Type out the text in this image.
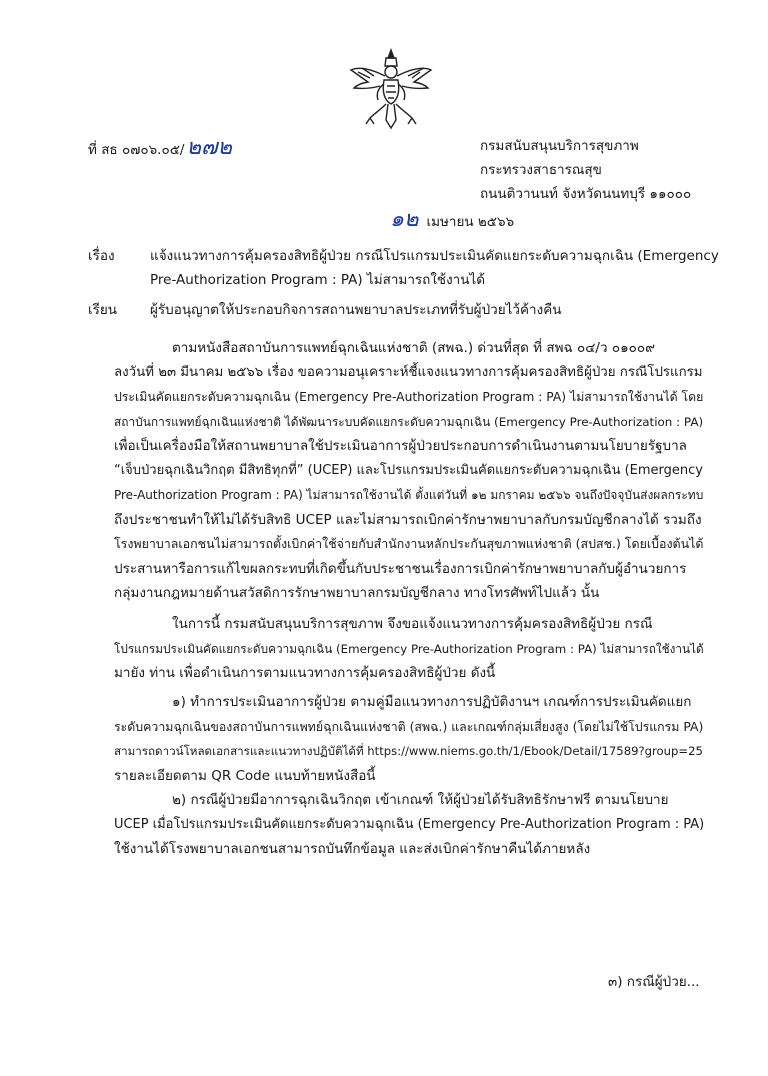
ที่ สธ ๐๗๐๖.๐๕/๒๗๒	กรมสนับสนุนบริการสุขภาพ
กระทรวงสาธารณสุข
ถนนติวานนท์ จังหวัดนนทบุรี ๑๑๐๐๐
๑๒ เมษายน ๒๕๖๖
เรื่อง	แจ้งแนวทางการคุ้มครองสิทธิผู้ป่วย กรณีโปรแกรมประเมินคัดแยกระดับความฉุกเฉิน (Emergency
Pre-Authorization Program : PA) ไม่สามารถใช้งานได้
เรียน ผู้รับอนุญาตให้ประกอบกิจการสถานพยาบาลประเภทที่รับผู้ป่วยไว้ค้างคืน
ตามหนังสือสถาบันการแพทย์ฉุกเฉินแห่งชาติ (สพฉ.) ด่วนที่สุด ที่ สพฉ ๐๔/ว ๐๑๐๐๙
ลงวันที่ ๒๓ มีนาคม ๒๕๖๖ เรื่อง ขอความอนุเคราะห์ชี้แจงแนวทางการคุ้มครองสิทธิผู้ป่วย กรณีโปรแกรม
ประเมินคัดแยกระดับความฉุกเฉิน (Emergency Pre-Authorization Program : PA) ไม่สามารถใช้งานได้ โดย
สถาบันการแพทย์ฉุกเฉินแห่งชาติ ได้พัฒนาระบบคัดแยกระดับความฉุกเฉิน (Emergency Pre-Authorization : PA)
เพื่อเป็นเครื่องมือให้สถานพยาบาลใช้ประเมินอาการผู้ป่วยประกอบการดำเนินงานตามนโยบายรัฐบาล
“เจ็บป่วยฉุกเฉินวิกฤต มีสิทธิทุกที่” (UCEP) และโปรแกรมประเมินคัดแยกระดับความฉุกเฉิน (Emergency
Pre-Authorization Program : PA) ไม่สามารถใช้งานได้ ตั้งแต่วันที่ ๑๒ มกราคม ๒๕๖๖ จนถึงปัจจุบันส่งผลกระทบ
ถึงประชาชนทำให้ไม่ได้รับสิทธิ UCEP และไม่สามารถเบิกค่ารักษาพยาบาลกับกรมบัญชีกลางได้ รวมถึง
โรงพยาบาลเอกชนไม่สามารถตั้งเบิกค่าใช้จ่ายกับสำนักงานหลักประกันสุขภาพแห่งชาติ (สปสช.) โดยเบื้องต้นได้
ประสานหารือการแก้ไขผลกระทบที่เกิดขึ้นกับประชาชนเรื่องการเบิกค่ารักษาพยาบาลกับผู้อำนวยการ
กลุ่มงานกฎหมายด้านสวัสดิการรักษาพยาบาลกรมบัญชีกลาง ทางโทรศัพท์ไปแล้ว นั้น
ในการนี้ กรมสนับสนุนบริการสุขภาพ จึงขอแจ้งแนวทางการคุ้มครองสิทธิผู้ป่วย กรณี
โปรแกรมประเมินคัดแยกระดับความฉุกเฉิน (Emergency Pre-Authorization Program : PA) ไม่สามารถใช้งานได้
มายัง ท่าน เพื่อดำเนินการตามแนวทางการคุ้มครองสิทธิผู้ป่วย ดังนี้
๑) ทำการประเมินอาการผู้ป่วย ตามคู่มือแนวทางการปฏิบัติงานฯ เกณฑ์การประเมินคัดแยก
ระดับความฉุกเฉินของสถาบันการแพทย์ฉุกเฉินแห่งชาติ (สพฉ.) และเกณฑ์กลุ่มเสี่ยงสูง (โดยไม่ใช้โปรแกรม PA)
สามารถดาวน์โหลดเอกสารและแนวทางปฏิบัติได้ที่ https://www.niems.go.th/1/Ebook/Detail/17589?group=25
รายละเอียดตาม QR Code แนบท้ายหนังสือนี้
๒) กรณีผู้ป่วยมีอาการฉุกเฉินวิกฤต เข้าเกณฑ์ ให้ผู้ป่วยได้รับสิทธิรักษาฟรี ตามนโยบาย
UCEP เมื่อโปรแกรมประเมินคัดแยกระดับความฉุกเฉิน (Emergency Pre-Authorization Program : PA)
ใช้งานได้โรงพยาบาลเอกชนสามารถบันทึกข้อมูล และส่งเบิกค่ารักษาคืนได้ภายหลัง
๓) กรณีผู้ป่วย...
